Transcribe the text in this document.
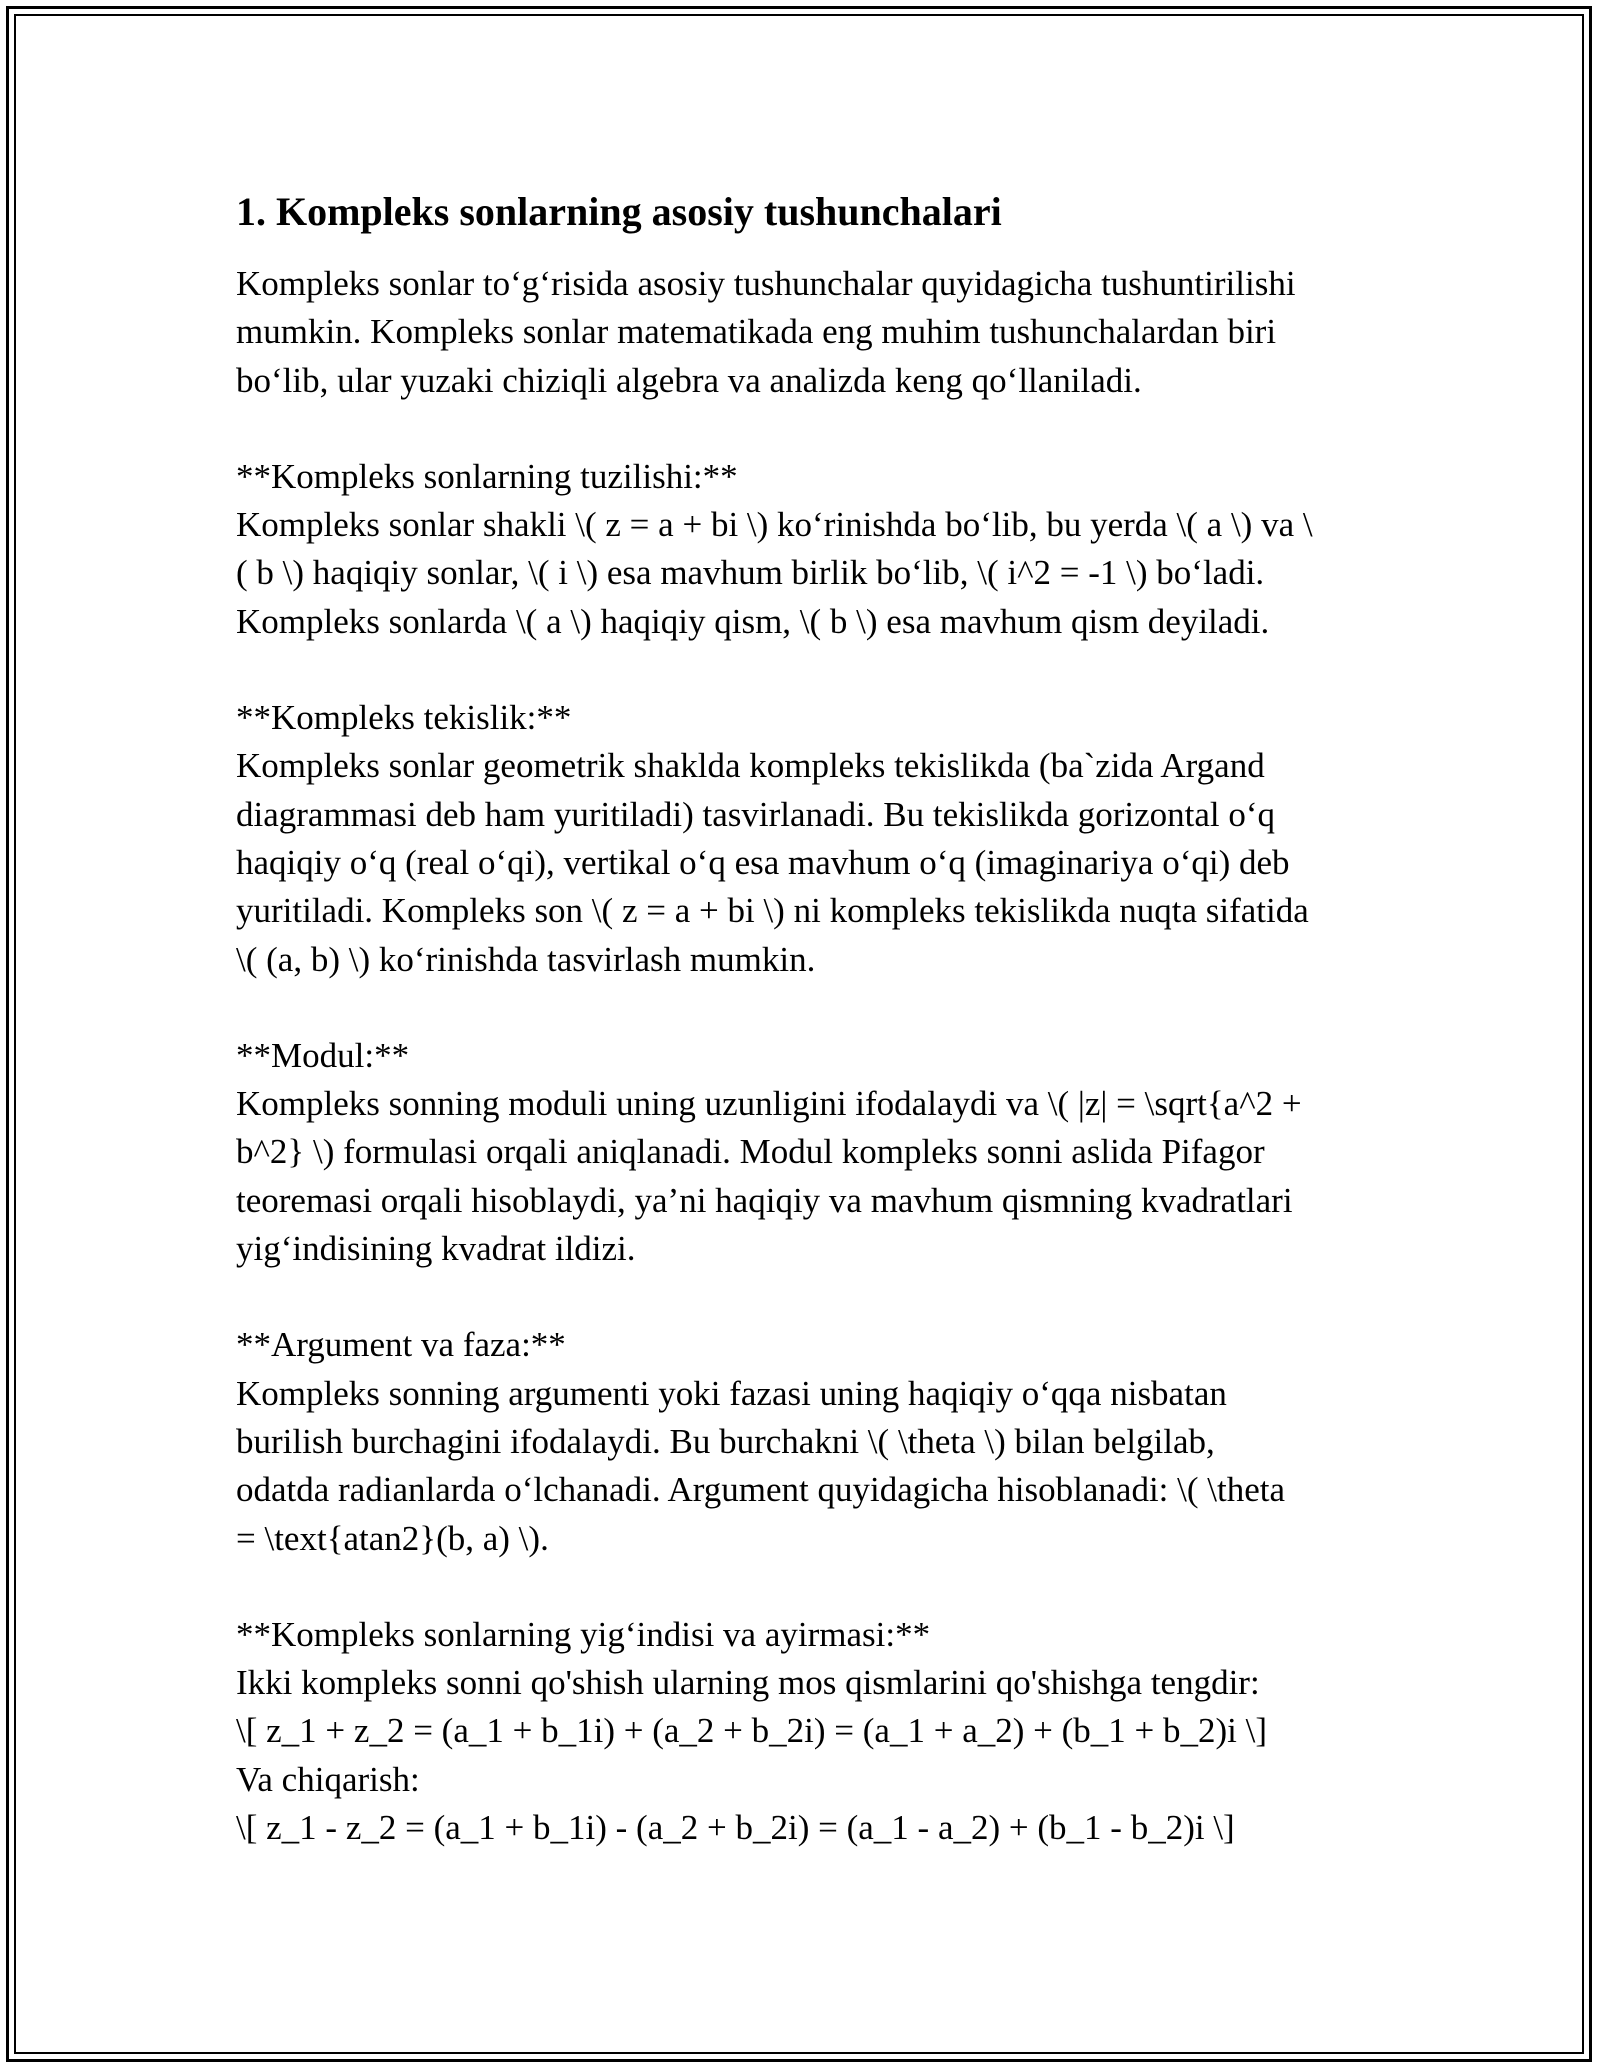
1. Kompleks sonlarning asosiy tushunchalari
Kompleks sonlar to‘g‘risida asosiy tushunchalar quyidagicha tushuntirilishi
mumkin. Kompleks sonlar matematikada eng muhim tushunchalardan biri
bo‘lib, ular yuzaki chiziqli algebra va analizda keng qo‘llaniladi.
**Kompleks sonlarning tuzilishi:**
Kompleks sonlar shakli \( z = a + bi \) ko‘rinishda bo‘lib, bu yerda \( a \) va \
( b \) haqiqiy sonlar, \( i \) esa mavhum birlik bo‘lib, \( i^2 = -1 \) bo‘ladi.
Kompleks sonlarda \( a \) haqiqiy qism, \( b \) esa mavhum qism deyiladi.
**Kompleks tekislik:**
Kompleks sonlar geometrik shaklda kompleks tekislikda (ba`zida Argand
diagrammasi deb ham yuritiladi) tasvirlanadi. Bu tekislikda gorizontal o‘q
haqiqiy o‘q (real o‘qi), vertikal o‘q esa mavhum o‘q (imaginariya o‘qi) deb
yuritiladi. Kompleks son \( z = a + bi \) ni kompleks tekislikda nuqta sifatida
\( (a, b) \) ko‘rinishda tasvirlash mumkin.
**Modul:**
Kompleks sonning moduli uning uzunligini ifodalaydi va \( |z| = \sqrt{a^2 +
b^2} \) formulasi orqali aniqlanadi. Modul kompleks sonni aslida Pifagor
teoremasi orqali hisoblaydi, ya’ni haqiqiy va mavhum qismning kvadratlari
yig‘indisining kvadrat ildizi.
**Argument va faza:**
Kompleks sonning argumenti yoki fazasi uning haqiqiy o‘qqa nisbatan
burilish burchagini ifodalaydi. Bu burchakni \( \theta \) bilan belgilab,
odatda radianlarda o‘lchanadi. Argument quyidagicha hisoblanadi: \( \theta
= \text{atan2}(b, a) \).
**Kompleks sonlarning yig‘indisi va ayirmasi:**
Ikki kompleks sonni qo'shish ularning mos qismlarini qo'shishga tengdir:
\[ z_1 + z_2 = (a_1 + b_1i) + (a_2 + b_2i) = (a_1 + a_2) + (b_1 + b_2)i \]
Va chiqarish:
\[ z_1 - z_2 = (a_1 + b_1i) - (a_2 + b_2i) = (a_1 - a_2) + (b_1 - b_2)i \]
